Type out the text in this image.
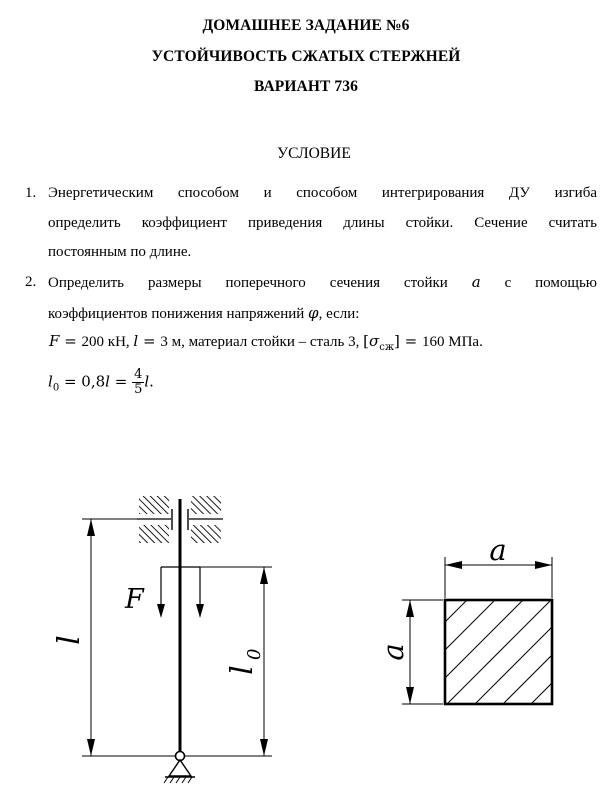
ДОМАШНЕЕ ЗАДАНИЕ №6
УСТОЙЧИВОСТЬ СЖАТЫХ СТЕРЖНЕЙ
ВАРИАНТ 736
УСЛОВИЕ
1. Энергетическим способом и способом интегрирования ДУ изгиба
определить коэффициент приведения длины стойки. Сечение считать
постоянным по длине.
2. Определить размеры поперечного сечения стойки a с помощью
коэффициентов понижения напряжений φ, если:
F = 200 кН, l = 3 м, материал стойки – сталь 3, $[\sigma_{сж}] = 160$ МПа.
$l_0 = 0,8l = \frac{4}{5} l$.
F
l
l
0
a
a
